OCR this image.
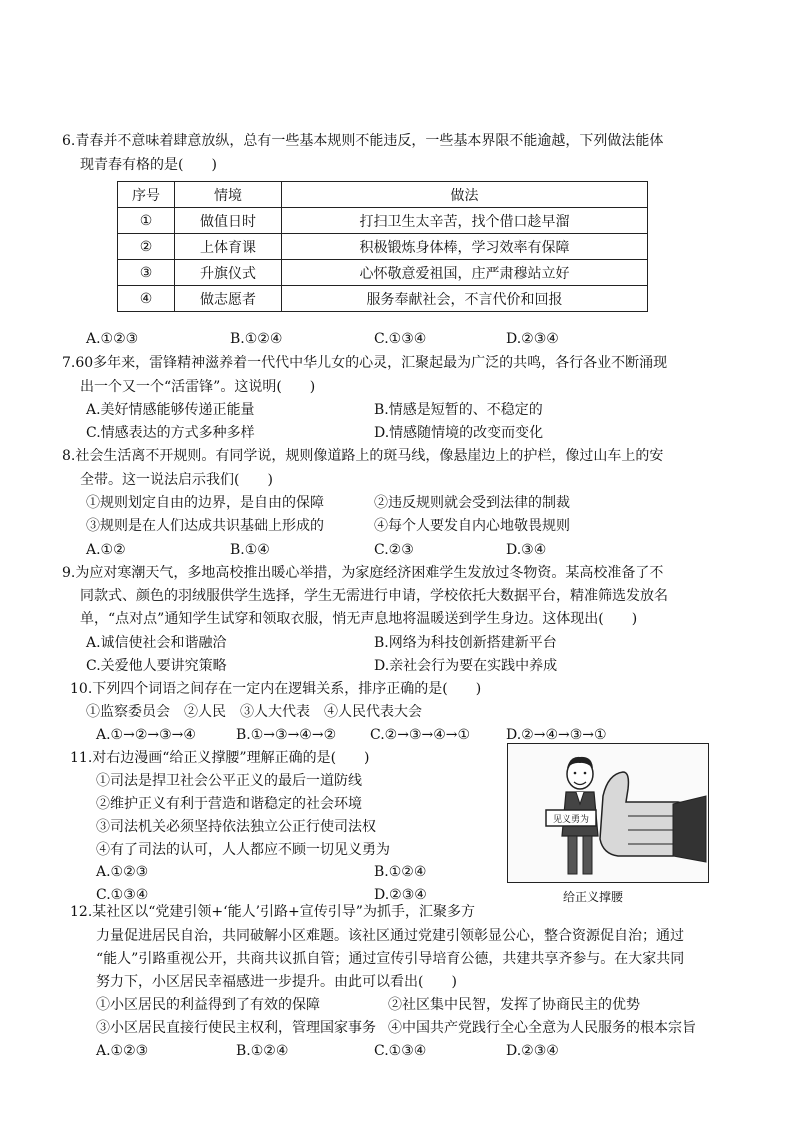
6.青春并不意味着肆意放纵，总有一些基本规则不能违反，一些基本界限不能逾越，下列做法能体
现青春有格的是(　　)
序号	情境	做法
①	做值日时	打扫卫生太辛苦，找个借口趁早溜
②	上体育课	积极锻炼身体棒，学习效率有保障
③	升旗仪式	心怀敬意爱祖国，庄严肃穆站立好
④	做志愿者	服务奉献社会，不言代价和回报
A.①②③	B.①②④	C.①③④	D.②③④
7.60多年来，雷锋精神滋养着一代代中华儿女的心灵，汇聚起最为广泛的共鸣，各行各业不断涌现
出一个又一个“活雷锋”。这说明(　　)
A.美好情感能够传递正能量	B.情感是短暂的、不稳定的
C.情感表达的方式多种多样	D.情感随情境的改变而变化
8.社会生活离不开规则。有同学说，规则像道路上的斑马线，像悬崖边上的护栏，像过山车上的安
全带。这一说法启示我们(　　)
①规则划定自由的边界，是自由的保障	②违反规则就会受到法律的制裁
③规则是在人们达成共识基础上形成的	④每个人要发自内心地敬畏规则
A.①②	B.①④	C.②③	D.③④
9.为应对寒潮天气，多地高校推出暖心举措，为家庭经济困难学生发放过冬物资。某高校准备了不
同款式、颜色的羽绒服供学生选择，学生无需进行申请，学校依托大数据平台，精准筛选发放名
单，“点对点”通知学生试穿和领取衣服，悄无声息地将温暖送到学生身边。这体现出(　　)
A.诚信使社会和谐融洽	B.网络为科技创新搭建新平台
C.关爱他人要讲究策略	D.亲社会行为要在实践中养成
10.下列四个词语之间存在一定内在逻辑关系，排序正确的是(　　)
①监察委员会　②人民　③人大代表　④人民代表大会
A.①→②→③→④	B.①→③→④→② C.②→③→④→①	D.②→④→③→①
11.对右边漫画“给正义撑腰”理解正确的是(　　)
①司法是捍卫社会公平正义的最后一道防线
②维护正义有利于营造和谐稳定的社会环境
③司法机关必须坚持依法独立公正行使司法权
④有了司法的认可，人人都应不顾一切见义勇为
A.①②③	B.①②④
C.①③④	D.②③④
见义勇为
给正义撑腰
12.某社区以“党建引领+‘能人’引路+宣传引导”为抓手，汇聚多方
力量促进居民自治，共同破解小区难题。该社区通过党建引领彰显公心，整合资源促自治；通过
“能人”引路重视公开，共商共议抓自管；通过宣传引导培育公德，共建共享齐参与。在大家共同
努力下，小区居民幸福感进一步提升。由此可以看出(　　)
①小区居民的利益得到了有效的保障	②社区集中民智，发挥了协商民主的优势
③小区居民直接行使民主权利，管理国家事务 ④中国共产党践行全心全意为人民服务的根本宗旨
A.①②③	B.①②④	C.①③④	D.②③④
